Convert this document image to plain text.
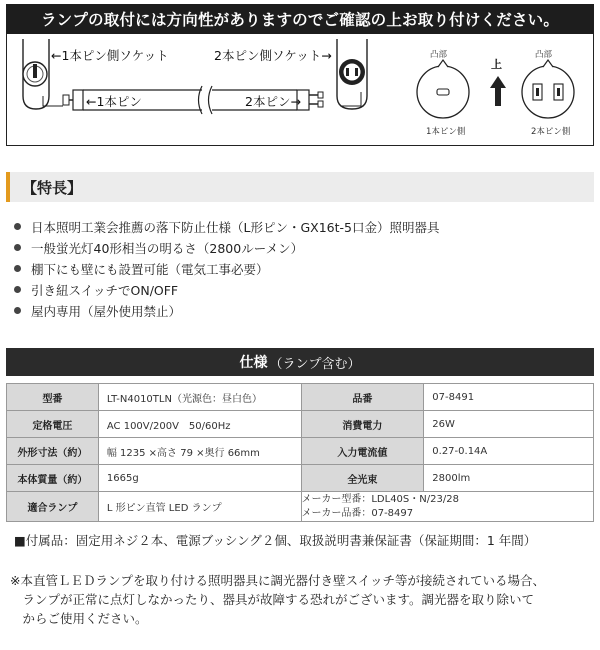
ランプの取付には方向性がありますのでご確認の上お取り付けください。
←1本ピン側ソケット	2本ピン側ソケット→
←1本ピン	2本ピン→
凸部	凸部
上
1本ピン側	2本ピン側
【特長】
日本照明工業会推薦の落下防止仕様（L形ピン・GX16t-5口金）照明器具
一般蛍光灯40形相当の明るさ（2800ルーメン）
棚下にも壁にも設置可能（電気工事必要）
引き紐スイッチでON/OFF
屋内専用（屋外使用禁止）
仕様 （ランプ含む）
型番	LT-N4010TLN（光源色：昼白色）	品番	07-8491
定格電圧	AC 100V/200V　50/60Hz	消費電力	26W
外形寸法（約）	幅 1235 ×高さ 79 ×奥行 66mm	入力電流値	0.27-0.14A
本体質量（約）	1665g	全光束	2800lm
適合ランプ	L 形ピン直管 LED ランプ	メーカー型番：LDL40S・N/23/28
メーカー品番：07-8497	
■付属品：固定用ネジ２本、電源ブッシング２個、取扱説明書兼保証書（保証期間：1 年間）
※本直管ＬＥＤランプを取り付ける照明器具に調光器付き壁スイッチ等が接続されている場合、
　ランプが正常に点灯しなかったり、器具が故障する恐れがございます。調光器を取り除いて
　からご使用ください。
